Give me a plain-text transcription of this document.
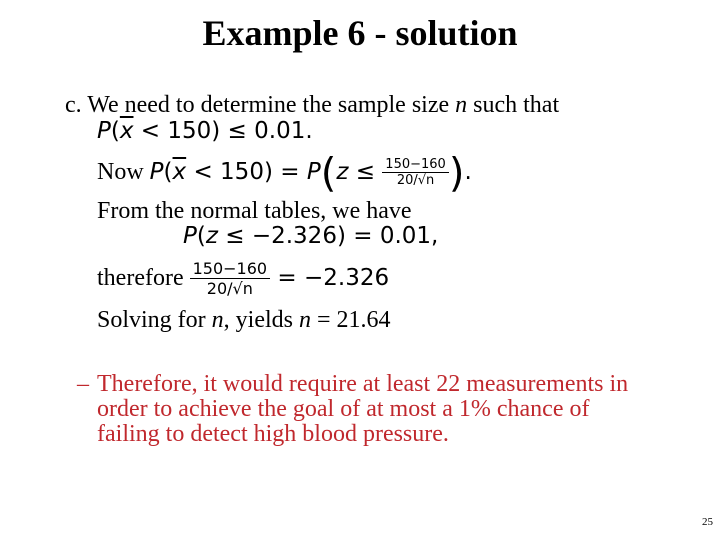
Example 6 - solution
c. We need to determine the sample size n such that
$P(\overline{x} < 150) \le 0.01$.
Now $P(\overline{x} < 150) = P(z \le \frac{150-160}{20/√n}$ ).
From the normal tables, we have
P(z ≤ −2.326) = 0.01,
therefore $\frac{150-160}{20/√n} = -2.326$
Solving for n, yields n = 21.64
– Therefore, it would require at least 22 measurements in
order to achieve the goal of at most a 1% chance of
failing to detect high blood pressure.
25
